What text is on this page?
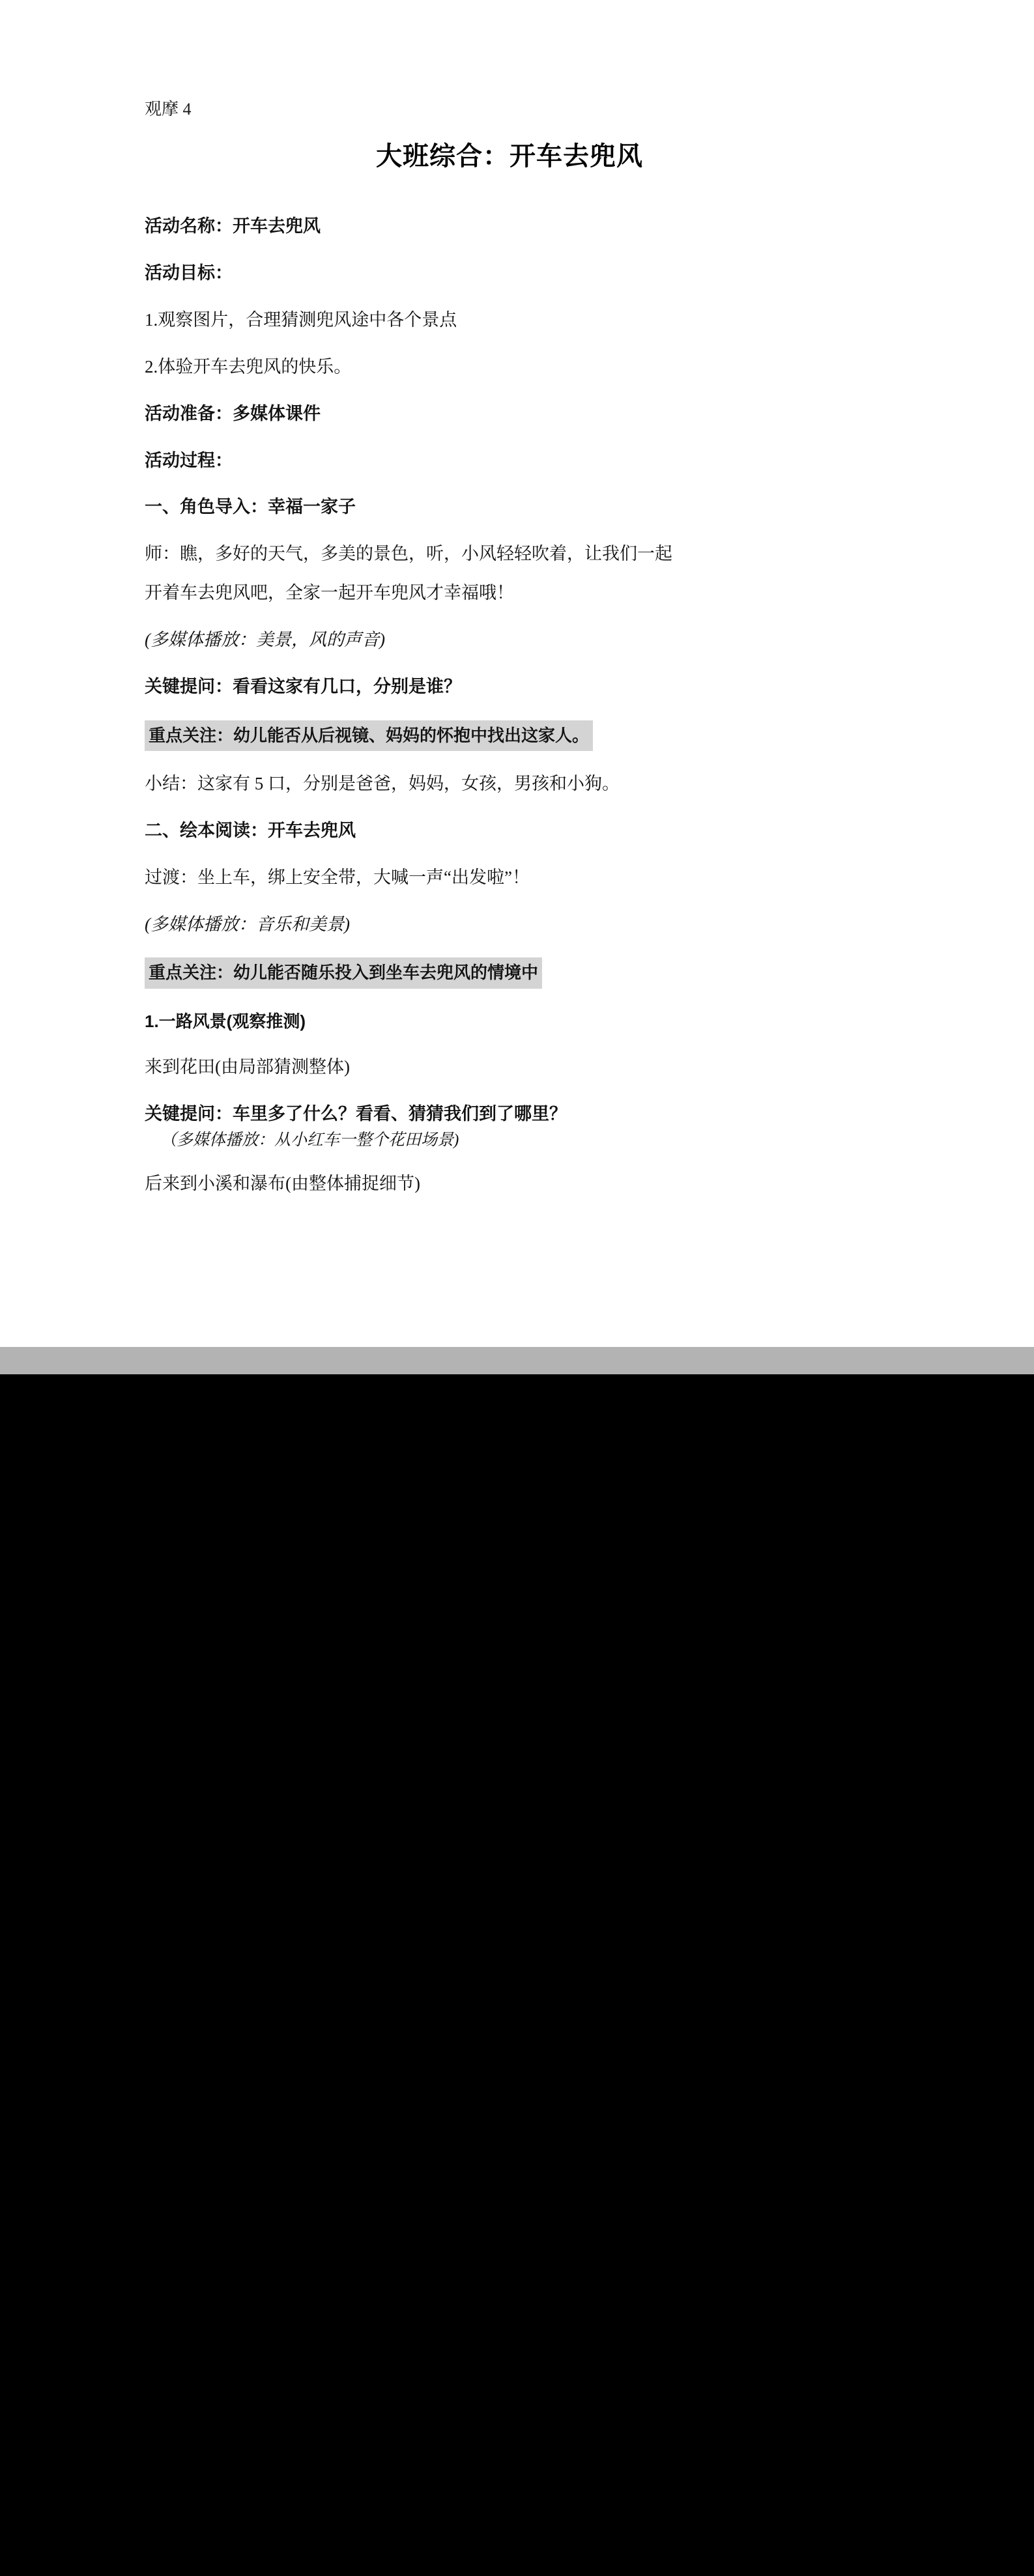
观摩 4
大班综合：开车去兜风
活动名称：开车去兜风
活动目标：
1.观察图片，合理猜测兜风途中各个景点
2.体验开车去兜风的快乐。
活动准备：多媒体课件
活动过程：
一、角色导入：幸福一家子
师：瞧，多好的天气，多美的景色，听，小风轻轻吹着，让我们一起
开着车去兜风吧，全家一起开车兜风才幸福哦！
(多媒体播放：美景，风的声音)
关键提问：看看这家有几口，分别是谁？
重点关注：幼儿能否从后视镜、妈妈的怀抱中找出这家人。
小结：这家有 5 口，分别是爸爸，妈妈，女孩，男孩和小狗。
二、绘本阅读：开车去兜风
过渡：坐上车，绑上安全带，大喊一声“出发啦”！
(多媒体播放：音乐和美景)
重点关注：幼儿能否随乐投入到坐车去兜风的情境中
1.一路风景(观察推测)
来到花田(由局部猜测整体)
关键提问：车里多了什么？看看、猜猜我们到了哪里？
（多媒体播放：从小红车一整个花田场景)
后来到小溪和瀑布(由整体捕捉细节)
